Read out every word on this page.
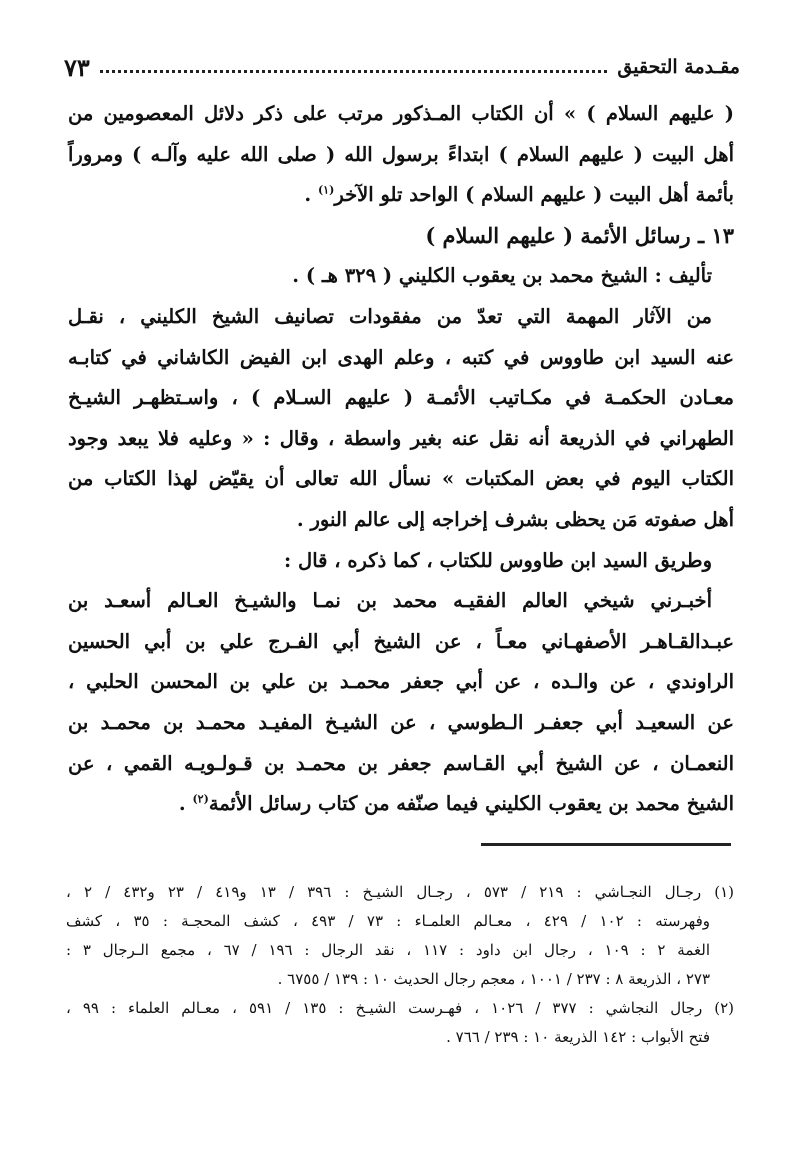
مقـدمة التحقيق
٧٣
( عليهم السلام ) » أن الكتاب المـذكور مرتب على ذكر دلائل المعصومين من
أهل البيت ( عليهم السلام ) ابتداءً برسول الله ( صلى الله عليه وآلـه ) ومروراً
بأئمة أهل البيت ( عليهم السلام ) الواحد تلو الآخر$^{(١)}$ .
١٣ ـ رسائل الأئمة ( عليهم السلام )
تأليف : الشيخ محمد بن يعقوب الكليني ( ٣٢٩ هـ ) .
من الآثار المهمة التي تعدّ من مفقودات تصانيف الشيخ الكليني ، نقـل
عنه السيد ابن طاووس في كتبه ، وعلم الهدى ابن الفيض الكاشاني في كتابـه
معـادن الحكمـة في مكـاتيب الأئمـة ( عليهم السـلام ) ، واسـتظهـر الشيـخ
الطهراني في الذريعة أنه نقل عنه بغير واسطة ، وقال : « وعليه فلا يبعد وجود
الكتاب اليوم في بعض المكتبات » نسأل الله تعالى أن يقيّض لهذا الكتاب من
أهل صفوته مَن يحظى بشرف إخراجه إلى عالم النور .
وطريق السيد ابن طاووس للكتاب ، كما ذكره ، قال :
أخبـرني شيخي العالم الفقيـه محمد بن نمـا والشيـخ العـالم أسعـد بن
عبـدالقـاهـر الأصفهـاني معـاً ، عن الشيخ أبي الفـرج علي بن أبي الحسين
الراوندي ، عن والـده ، عن أبي جعفر محمـد بن علي بن المحسن الحلبي ،
عن السعيـد أبي جعفـر الـطوسي ، عن الشيـخ المفيـد محمـد بن محمـد بن
النعمـان ، عن الشيخ أبي القـاسم جعفر بن محمـد بن قـولـويـه القمي ، عن
الشيخ محمد بن يعقوب الكليني فيما صنّفه من كتاب رسائل الأئمة$^{(٢)}$ .
(١) رجـال النجـاشي : ٢١٩ / ٥٧٣ ، رجـال الشيـخ : ٣٩٦ / ١٣ و٤١٩ / ٢٣ و٤٣٢ / ٢ ،
وفهرسته : ١٠٢ / ٤٢٩ ، معـالم العلمـاء : ٧٣ / ٤٩٣ ، كشف المحجـة : ٣٥ ، كشف
الغمة ٢ : ١٠٩ ، رجال ابن داود : ١١٧ ، نقد الرجال : ١٩٦ / ٦٧ ، مجمع الـرجال ٣ :
٢٧٣ ، الذريعة ٨ : ٢٣٧ / ١٠٠١ ، معجم رجال الحديث ١٠ : ١٣٩ / ٦٧٥٥ .
(٢) رجال النجاشي : ٣٧٧ / ١٠٢٦ ، فهـرست الشيـخ : ١٣٥ / ٥٩١ ، معـالم العلماء : ٩٩ ،
فتح الأبواب : ١٤٢ الذريعة ١٠ : ٢٣٩ / ٧٦٦ .
